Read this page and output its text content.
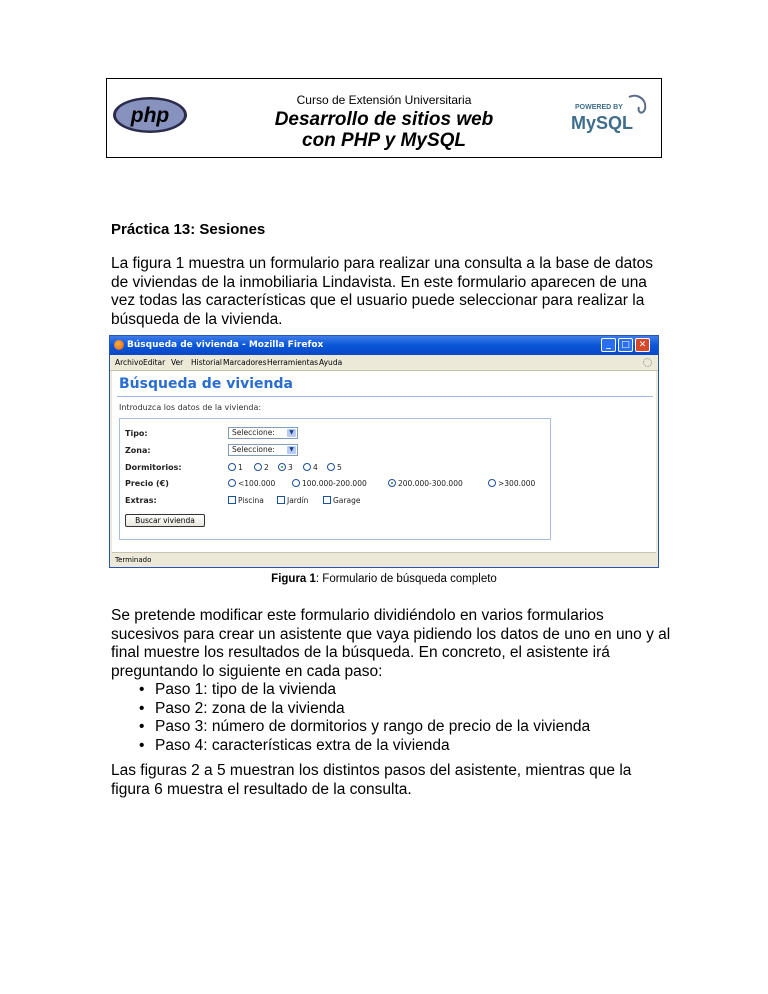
php
Curso de Extensión Universitaria
Desarrollo de sitios web
con PHP y MySQL
POWERED BY
MySQL
Práctica 13: Sesiones

La figura 1 muestra un formulario para realizar una consulta a la base de datos de viviendas de la inmobiliaria Lindavista. En este formulario aparecen de una vez todas las características que el usuario puede seleccionar para realizar la búsqueda de la vivienda.

Búsqueda de vivienda - Mozilla Firefox	_	□ ✕
Archivo Editar Ver Historial Marcadores Herramientas Ayuda
Búsqueda de vivienda
Introduzca los datos de la vivienda:
Tipo:	Seleccione:	▼
Zona:	Seleccione:	▼
Dormitorios:	1	2	3	4	5
Precio (€)	<100.000	100.000-200.000	200.000-300.000	>300.000
Extras:	Piscina	Jardín	Garage
Buscar vivienda
Terminado
Figura 1: Formulario de búsqueda completo

Se pretende modificar este formulario dividiéndolo en varios formularios sucesivos para crear un asistente que vaya pidiendo los datos de uno en uno y al final muestre los resultados de la búsqueda. En concreto, el asistente irá preguntando lo siguiente en cada paso:

• Paso 1: tipo de la vivienda
• Paso 2: zona de la vivienda
• Paso 3: número de dormitorios y rango de precio de la vivienda
• Paso 4: características extra de la vivienda

Las figuras 2 a 5 muestran los distintos pasos del asistente, mientras que la figura 6 muestra el resultado de la consulta.
